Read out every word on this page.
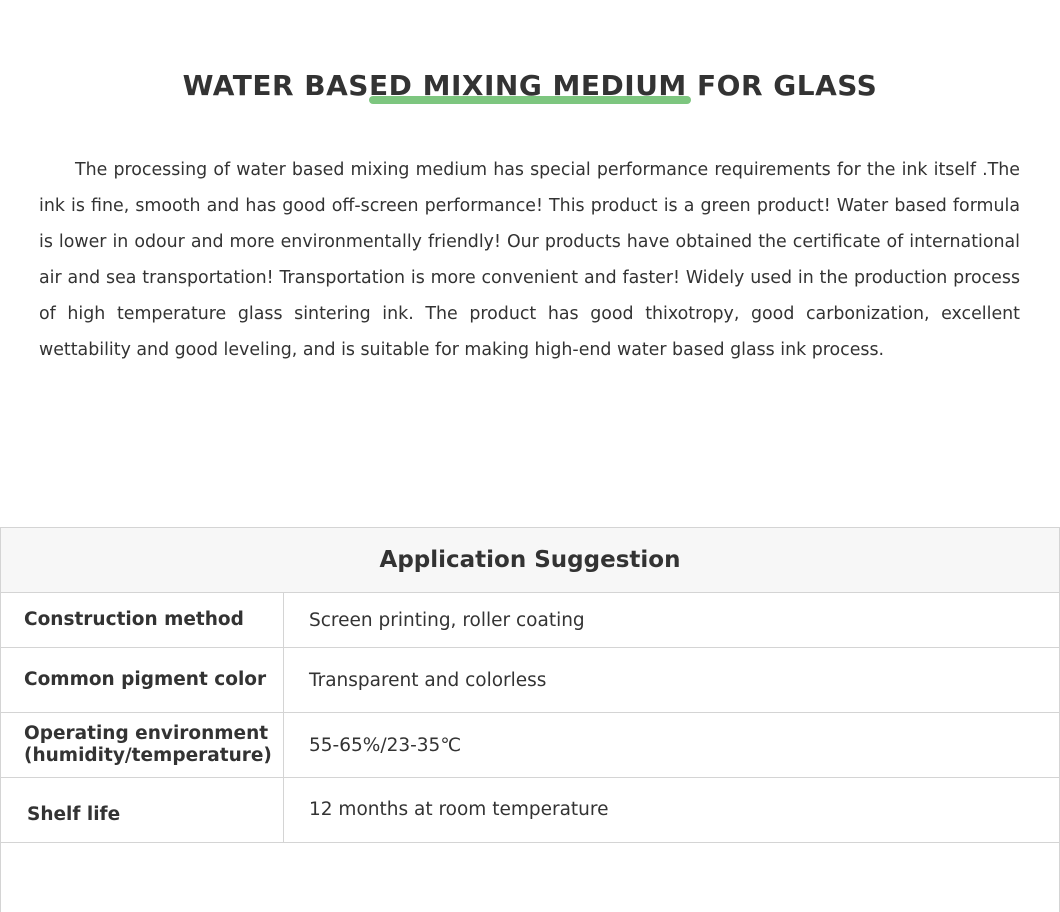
WATER BASED MIXING MEDIUM FOR GLASS

The processing of water based mixing medium has special performance requirements for the ink itself .The ink is fine, smooth and has good off-screen performance! This product is a green product! Water based formula is lower in odour and more environmentally friendly! Our products have obtained the certificate of international air and sea transportation! Transportation is more convenient and faster! Widely used in the production process of high temperature glass sintering ink. The product has good thixotropy, good carbonization, excellent wettability and good leveling, and is suitable for making high-end water based glass ink process.

Application Suggestion
Construction method	Screen printing, roller coating
Common pigment color	Transparent and colorless
Operating environment
(humidity/temperature)	55-65%/23-35℃
Shelf life	12 months at room temperature
